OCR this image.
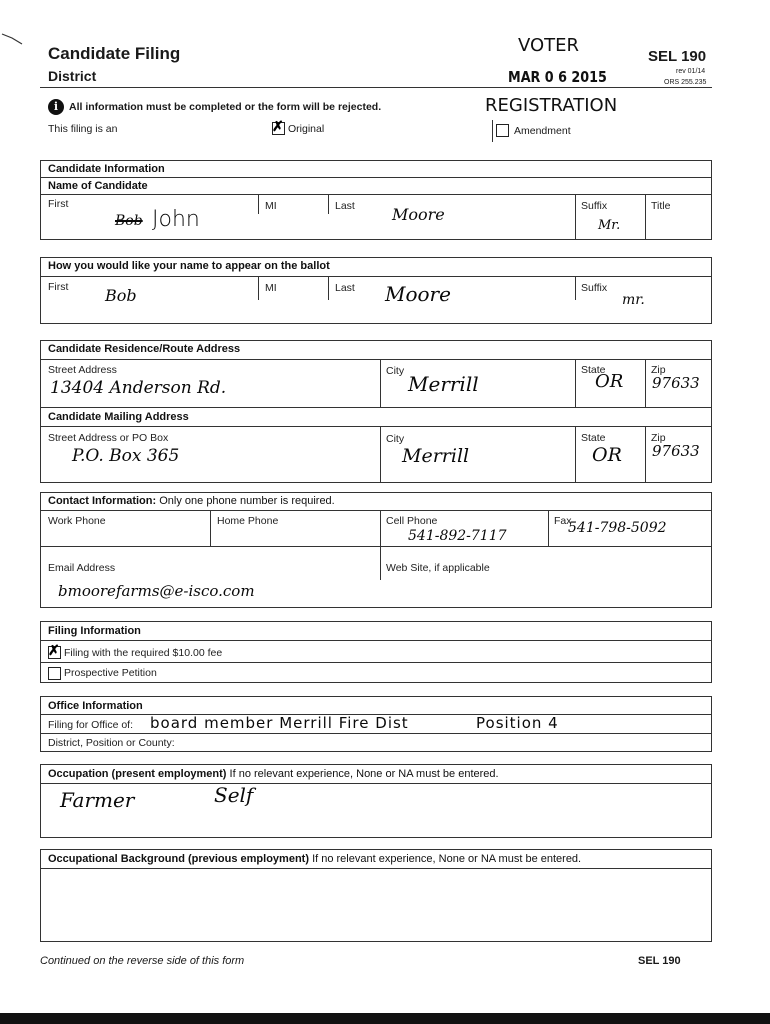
Candidate Filing
District
SEL 190
rev 01/14
ORS 255.235
VOTER
MAR 0 6 2015
REGISTRATION
i	All information must be completed or the form will be rejected.
This filing is an
✗	Original	Amendment
Candidate Information
Name of Candidate
First	MI	Last	Suffix	Title
Bob John	Moore
Mr.
How you would like your name to appear on the ballot
First	MI	Last	Suffix
Bob	Moore	mr.
Candidate Residence/Route Address
Street Address	City	State	Zip
13404 Anderson Rd.	Merrill	OR 97633
Candidate Mailing Address
Street Address or PO Box	City	State	Zip
P.O. Box 365	Merrill	OR 97633
Contact Information: Only one phone number is required.
Work Phone	Home Phone	Cell Phone	Fax
541-892-7117	541-798-5092
Email Address	Web Site, if applicable
bmoorefarms@e-isco.com
Filing Information
✗
Filing with the required $10.00 fee
Prospective Petition
Office Information
Filing for Office of: board member Merrill Fire Dist	Position 4
District, Position or County:
Occupation (present employment) If no relevant experience, None or NA must be entered.
Farmer	Self
Occupational Background (previous employment) If no relevant experience, None or NA must be entered.
Continued on the reverse side of this form	SEL 190
